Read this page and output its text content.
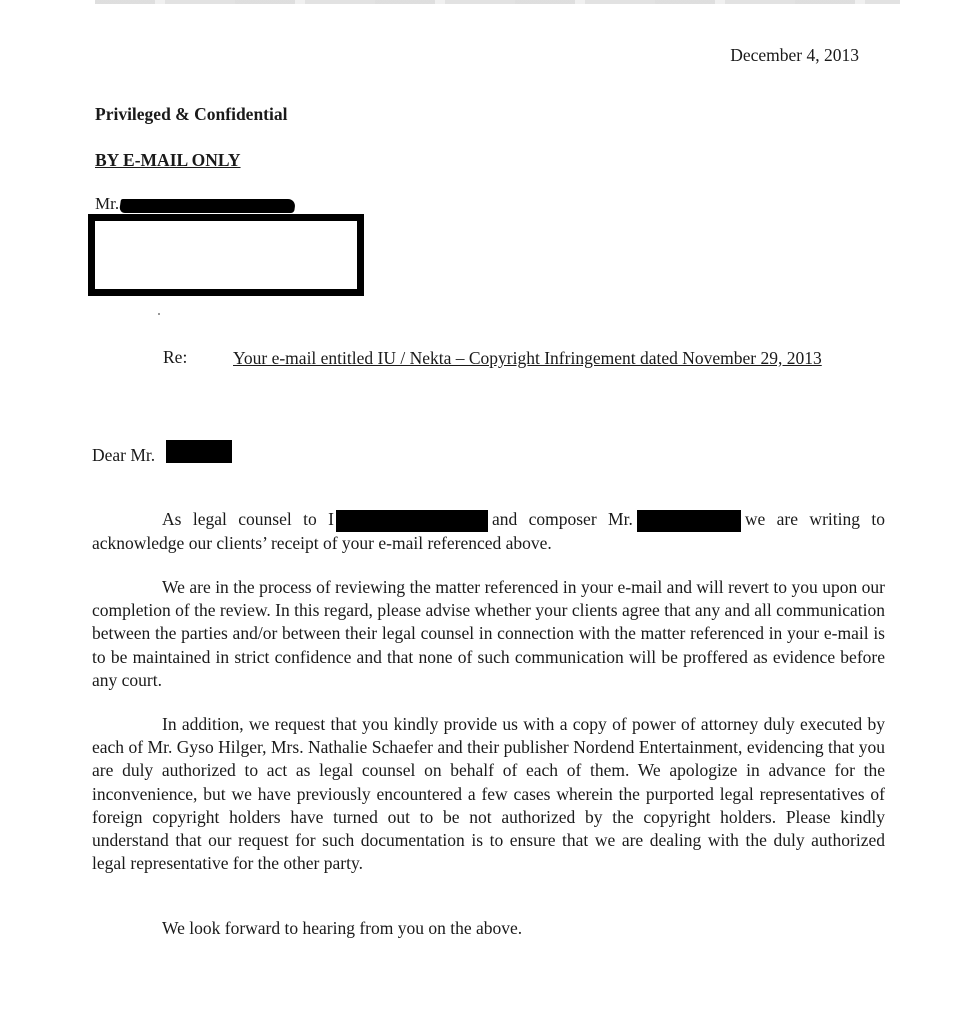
December 4, 2013
Privileged & Confidential
BY E-MAIL ONLY
Mr.
Re:	Your e-mail entitled IU / Nekta – Copyright Infringement dated November 29, 2013
Dear Mr.

As legal counsel to I	and composer Mr.	we are writing to acknowledge our clients’ receipt of your e-mail referenced above.

We are in the process of reviewing the matter referenced in your e-mail and will revert to you upon our completion of the review. In this regard, please advise whether your clients agree that any and all communication between the parties and/or between their legal counsel in connection with the matter referenced in your e-mail is to be maintained in strict confidence and that none of such communication will be proffered as evidence before any court.

In addition, we request that you kindly provide us with a copy of power of attorney duly executed by each of Mr. Gyso Hilger, Mrs. Nathalie Schaefer and their publisher Nordend Entertainment, evidencing that you are duly authorized to act as legal counsel on behalf of each of them. We apologize in advance for the inconvenience, but we have previously encountered a few cases wherein the purported legal representatives of foreign copyright holders have turned out to be not authorized by the copyright holders. Please kindly understand that our request for such documentation is to ensure that we are dealing with the duly authorized legal representative for the other party.

We look forward to hearing from you on the above.
